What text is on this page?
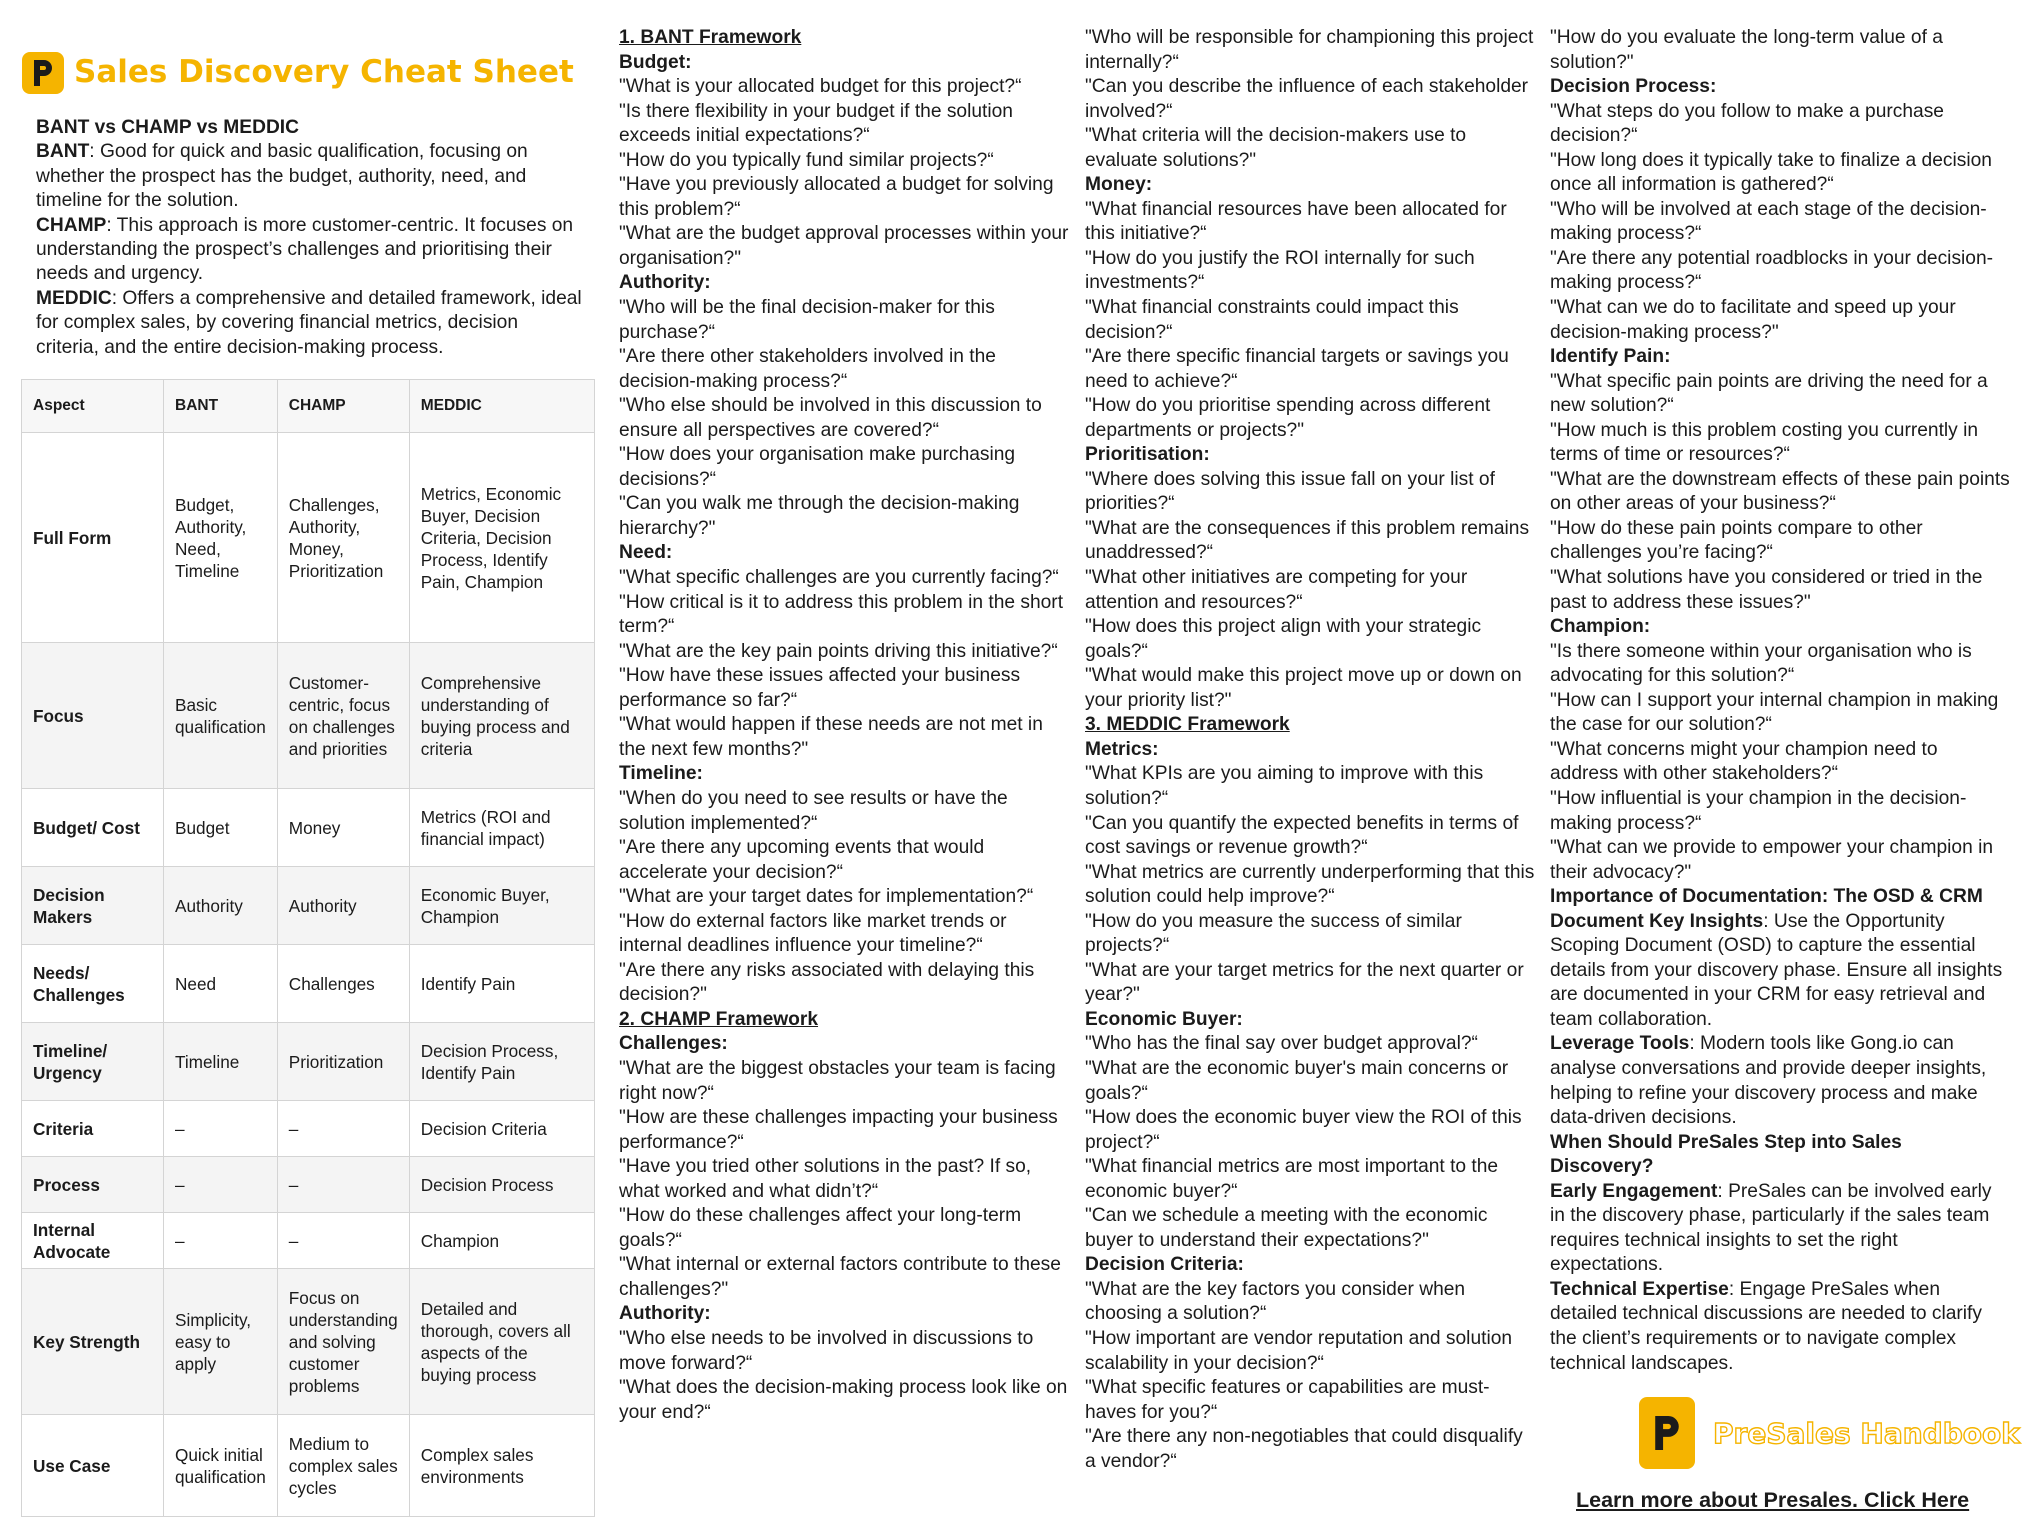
Sales Discovery Cheat Sheet
BANT vs CHAMP vs MEDDIC
BANT: Good for quick and basic qualification, focusing on whether the prospect has the budget, authority, need, and timeline for the solution.
CHAMP: This approach is more customer-centric. It focuses on understanding the prospect’s challenges and prioritising their needs and urgency.
MEDDIC: Offers a comprehensive and detailed framework, ideal for complex sales, by covering financial metrics, decision criteria, and the entire decision-making process.
Aspect	BANT	CHAMP	MEDDIC
Full Form	Budget, Authority, Need, Timeline	Challenges, Authority, Money, Prioritization	Metrics, Economic Buyer, Decision Criteria, Decision Process, Identify Pain, Champion
Focus	Basic qualification	Customer-centric, focus on challenges and priorities	Comprehensive understanding of buying process and criteria
Budget/ Cost	Budget	Money	Metrics (ROI and financial impact)
Decision Makers	Authority	Authority	Economic Buyer, Champion
Needs/ Challenges	Need	Challenges	Identify Pain
Timeline/ Urgency	Timeline	Prioritization	Decision Process, Identify Pain
Criteria	–	–	Decision Criteria
Process	–	–	Decision Process
Internal Advocate	–	–	Champion
Key Strength	Simplicity, easy to apply	Focus on understanding and solving customer problems	Detailed and thorough, covers all aspects of the buying process
Use Case	Quick initial qualification	Medium to complex sales cycles	Complex sales environments

1. BANT Framework

Budget:

"What is your allocated budget for this project?“

"Is there flexibility in your budget if the solution exceeds initial expectations?“

"How do you typically fund similar projects?“

"Have you previously allocated a budget for solving this problem?“

"What are the budget approval processes within your organisation?"

Authority:

"Who will be the final decision-maker for this purchase?“

"Are there other stakeholders involved in the decision-making process?“

"Who else should be involved in this discussion to ensure all perspectives are covered?“

"How does your organisation make purchasing decisions?“

"Can you walk me through the decision-making hierarchy?"

Need:

"What specific challenges are you currently facing?“

"How critical is it to address this problem in the short term?“

"What are the key pain points driving this initiative?“

"How have these issues affected your business performance so far?“

"What would happen if these needs are not met in the next few months?"

Timeline:

"When do you need to see results or have the solution implemented?“

"Are there any upcoming events that would accelerate your decision?“

"What are your target dates for implementation?“

"How do external factors like market trends or internal deadlines influence your timeline?“

"Are there any risks associated with delaying this decision?"

2. CHAMP Framework

Challenges:

"What are the biggest obstacles your team is facing right now?“

"How are these challenges impacting your business performance?“

"Have you tried other solutions in the past? If so, what worked and what didn’t?“

"How do these challenges affect your long-term goals?“

"What internal or external factors contribute to these challenges?"

Authority:

"Who else needs to be involved in discussions to move forward?“

"What does the decision-making process look like on your end?“

"Who will be responsible for championing this project internally?“

"Can you describe the influence of each stakeholder involved?“

"What criteria will the decision-makers use to evaluate solutions?"

Money:

"What financial resources have been allocated for this initiative?“

"How do you justify the ROI internally for such investments?“

"What financial constraints could impact this decision?“

"Are there specific financial targets or savings you need to achieve?“

"How do you prioritise spending across different departments or projects?"

Prioritisation:

"Where does solving this issue fall on your list of priorities?“

"What are the consequences if this problem remains unaddressed?“

"What other initiatives are competing for your attention and resources?“

"How does this project align with your strategic goals?“

"What would make this project move up or down on your priority list?"

3. MEDDIC Framework

Metrics:

"What KPIs are you aiming to improve with this solution?“

"Can you quantify the expected benefits in terms of cost savings or revenue growth?“

"What metrics are currently underperforming that this solution could help improve?“

"How do you measure the success of similar projects?“

"What are your target metrics for the next quarter or year?"

Economic Buyer:

"Who has the final say over budget approval?“

"What are the economic buyer's main concerns or goals?“

"How does the economic buyer view the ROI of this project?“

"What financial metrics are most important to the economic buyer?“

"Can we schedule a meeting with the economic buyer to understand their expectations?"

Decision Criteria:

"What are the key factors you consider when choosing a solution?“

"How important are vendor reputation and solution scalability in your decision?“

"What specific features or capabilities are must-haves for you?“

"Are there any non-negotiables that could disqualify a vendor?“

"How do you evaluate the long-term value of a solution?"

Decision Process:

"What steps do you follow to make a purchase decision?“

"How long does it typically take to finalize a decision once all information is gathered?“

"Who will be involved at each stage of the decision-making process?“

"Are there any potential roadblocks in your decision-making process?“

"What can we do to facilitate and speed up your decision-making process?"

Identify Pain:

"What specific pain points are driving the need for a new solution?“

"How much is this problem costing you currently in terms of time or resources?“

"What are the downstream effects of these pain points on other areas of your business?“

"How do these pain points compare to other challenges you’re facing?“

"What solutions have you considered or tried in the past to address these issues?"

Champion:

"Is there someone within your organisation who is advocating for this solution?“

"How can I support your internal champion in making the case for our solution?“

"What concerns might your champion need to address with other stakeholders?“

"How influential is your champion in the decision-making process?“

"What can we provide to empower your champion in their advocacy?"

Importance of Documentation: The OSD & CRM

Document Key Insights: Use the Opportunity Scoping Document (OSD) to capture the essential details from your discovery phase. Ensure all insights are documented in your CRM for easy retrieval and team collaboration.

Leverage Tools: Modern tools like Gong.io can analyse conversations and provide deeper insights, helping to refine your discovery process and make data-driven decisions.

When Should PreSales Step into Sales Discovery?

Early Engagement: PreSales can be involved early in the discovery phase, particularly if the sales team requires technical insights to set the right expectations.

Technical Expertise: Engage PreSales when detailed technical discussions are needed to clarify the client’s requirements or to navigate complex technical landscapes.

PreSales Handbook
Learn more about Presales. Click Here
